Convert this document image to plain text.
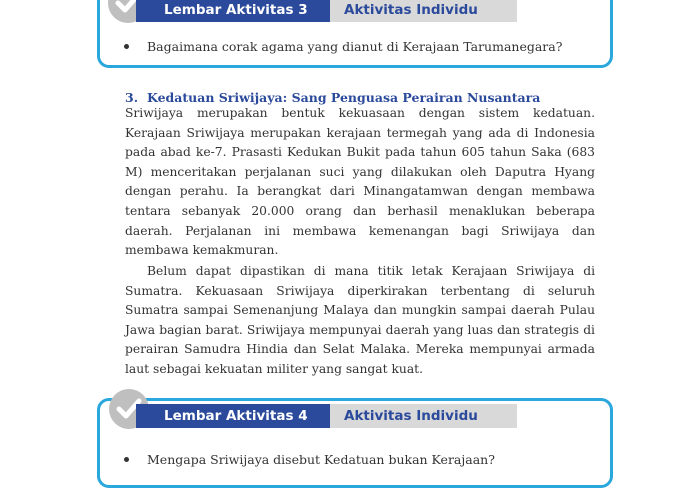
Lembar Aktivitas 3	Aktivitas Individu
Bagaimana corak agama yang dianut di Kerajaan Tarumanegara?
3. Kedatuan Sriwijaya: Sang Penguasa Perairan Nusantara

Sriwijaya merupakan bentuk kekuasaan dengan sistem kedatuan. Kerajaan Sriwijaya merupakan kerajaan termegah yang ada di Indonesia pada abad ke-7. Prasasti Kedukan Bukit pada tahun 605 tahun Saka (683 M) menceritakan perjalanan suci yang dilakukan oleh Daputra Hyang dengan perahu. Ia berangkat dari Minangatamwan dengan membawa tentara sebanyak 20.000 orang dan berhasil menaklukan beberapa daerah. Perjalanan ini membawa kemenangan bagi Sriwijaya dan membawa kemakmuran.

Belum dapat dipastikan di mana titik letak Kerajaan Sriwijaya di Sumatra. Kekuasaan Sriwijaya diperkirakan terbentang di seluruh Sumatra sampai Semenanjung Malaya dan mungkin sampai daerah Pulau Jawa bagian barat. Sriwijaya mempunyai daerah yang luas dan strategis di perairan Samudra Hindia dan Selat Malaka. Mereka mempunyai armada laut sebagai kekuatan militer yang sangat kuat.

Lembar Aktivitas 4	Aktivitas Individu
Mengapa Sriwijaya disebut Kedatuan bukan Kerajaan?
